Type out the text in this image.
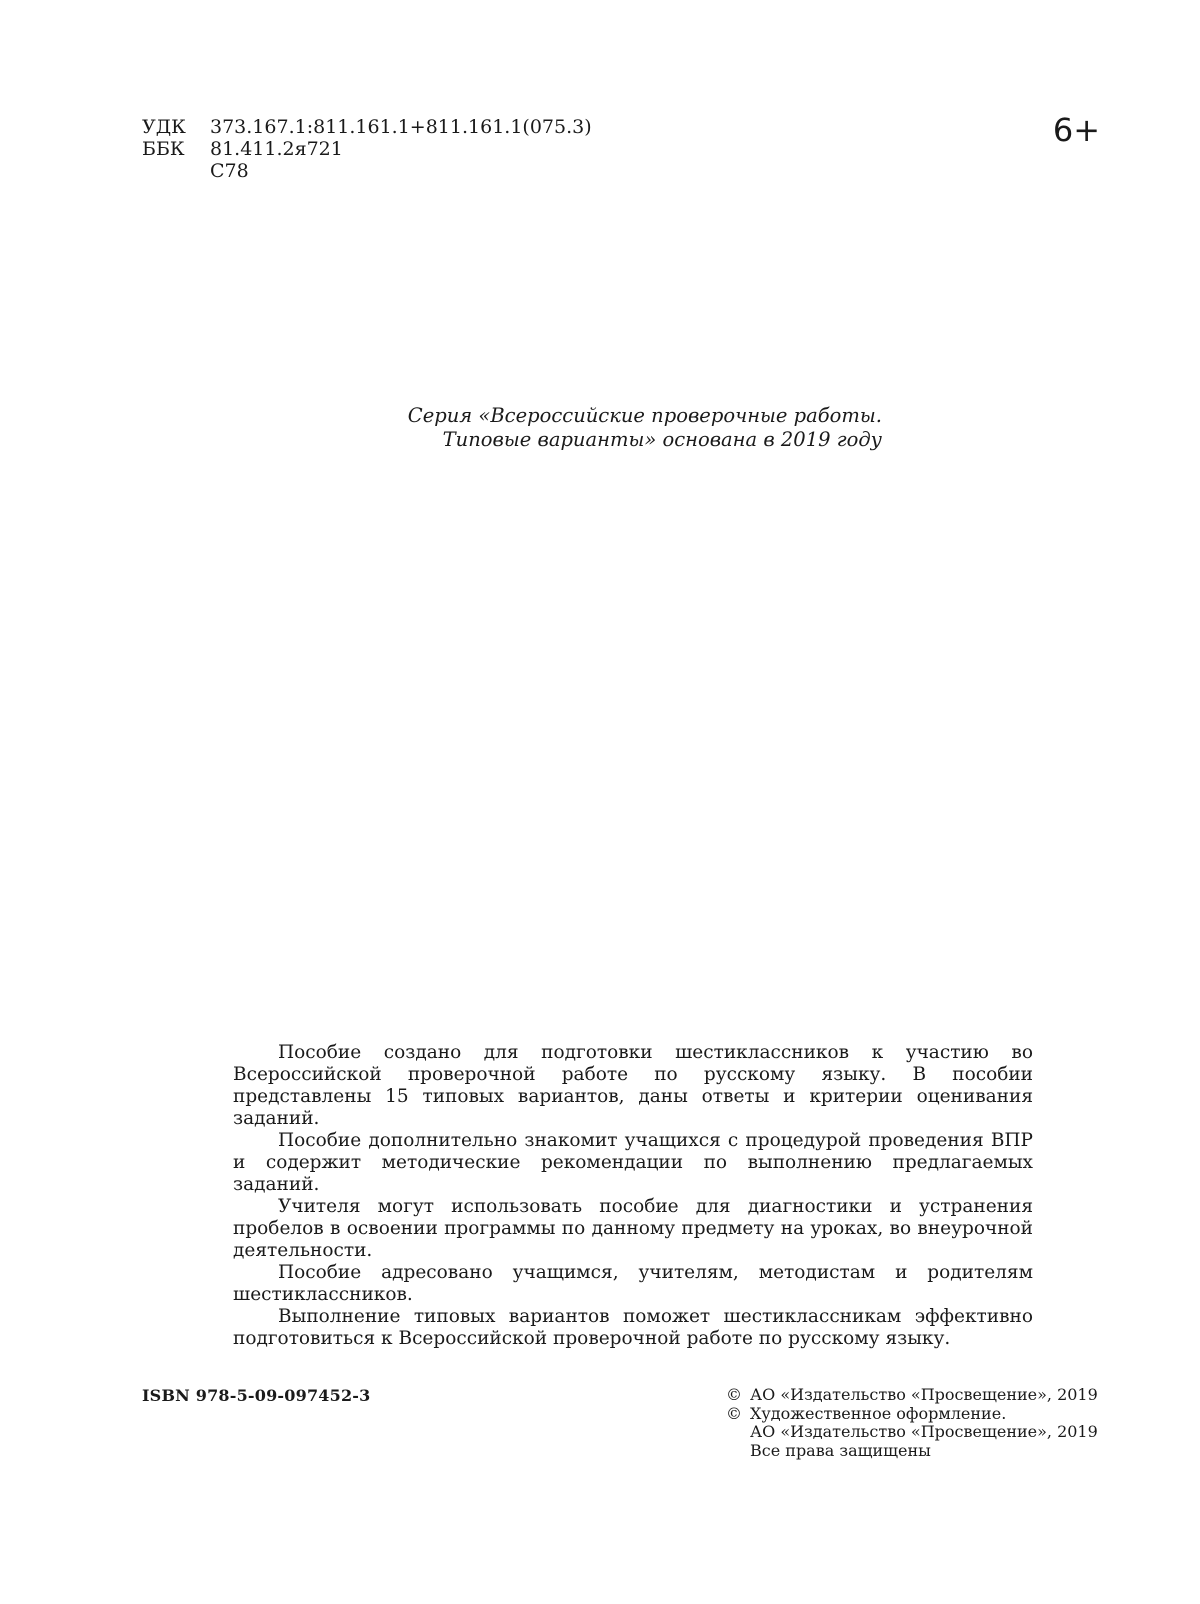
УДК	373.167.1:811.161.1+811.161.1(075.3)
ББК	81.411.2я721
С78
6+
Серия «Всероссийские проверочные работы.
Типовые варианты» основана в 2019 году

Пособие создано для подготовки шестиклассников к участию во Всероссийской проверочной работе по русскому языку. В пособии представлены 15 типовых вариантов, даны ответы и критерии оценивания заданий.

Пособие дополнительно знакомит учащихся с процедурой проведения ВПР и содержит методические рекомендации по выполнению предлагаемых заданий.

Учителя могут использовать пособие для диагностики и устранения пробелов в освоении программы по данному предмету на уроках, во внеурочной деятельности.

Пособие адресовано учащимся, учителям, методистам и родителям шестиклассников.

Выполнение типовых вариантов поможет шестиклассникам эффективно подготовиться к Всероссийской проверочной работе по русскому языку.

ISBN 978-5-09-097452-3	© АО «Издательство «Просвещение», 2019
© Художественное оформление.
АО «Издательство «Просвещение», 2019
Все права защищены
